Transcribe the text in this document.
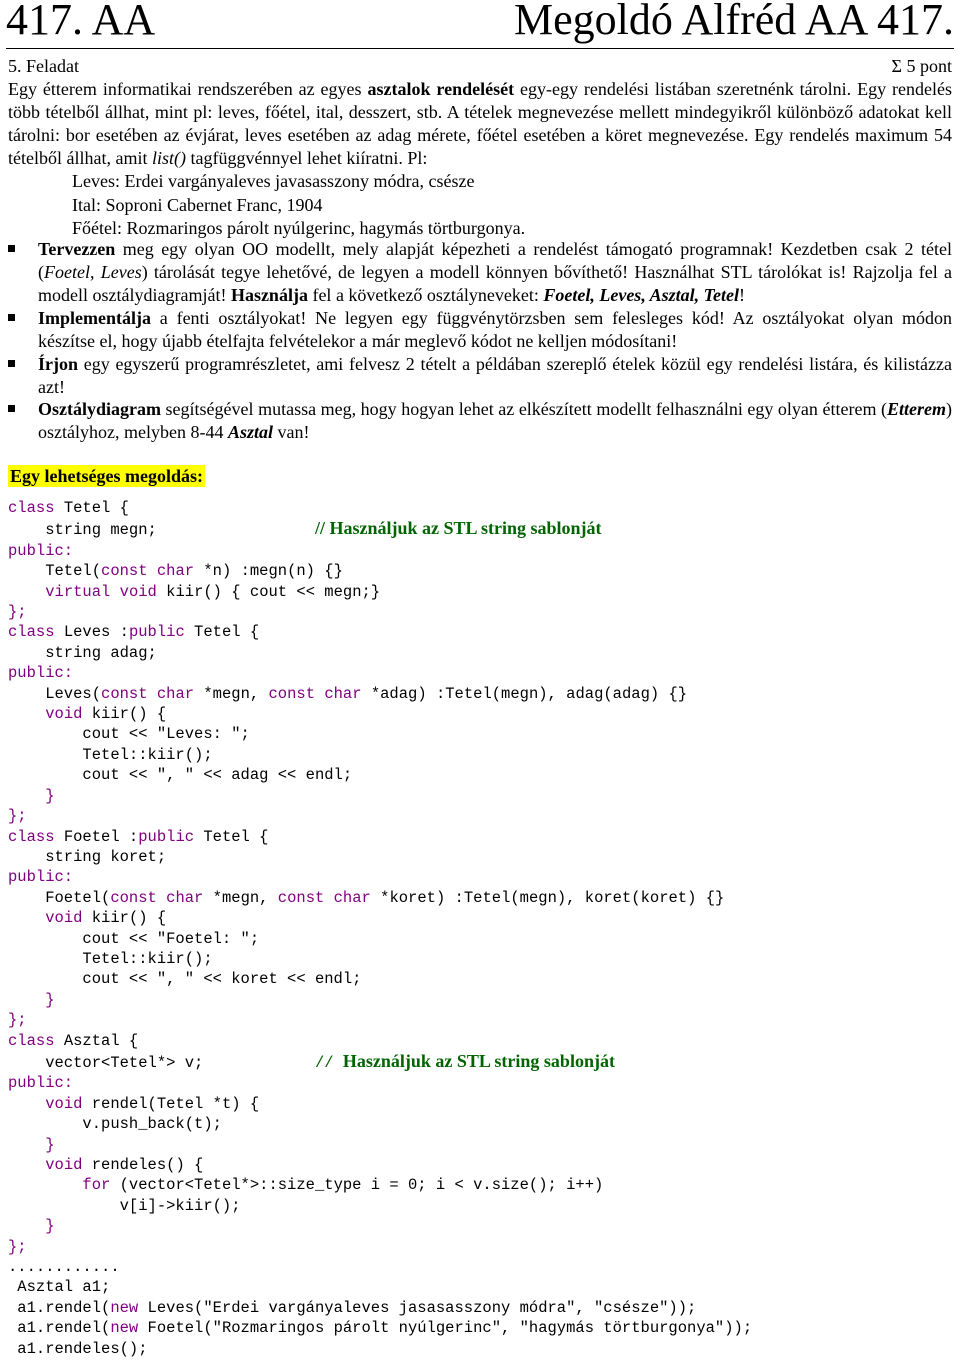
417. AA	Megoldó Alfréd AA 417.
5. Feladat	Σ 5 pont
Egy étterem informatikai rendszerében az egyes asztalok rendelését egy-egy rendelési listában szeretnénk tárolni. Egy rendelés több tételből állhat, mint pl: leves, főétel, ital, desszert, stb. A tételek megnevezése mellett mindegyikről különböző adatokat kell tárolni: bor esetében az évjárat, leves esetében az adag mérete, főétel esetében a köret megnevezése. Egy rendelés maximum 54 tételből állhat, amit list() tagfüggvénnyel lehet kiíratni. Pl:
Leves: Erdei vargányaleves javasasszony módra, csésze
Ital: Soproni Cabernet Franc, 1904
Főétel: Rozmaringos párolt nyúlgerinc, hagymás törtburgonya.
Tervezzen meg egy olyan OO modellt, mely alapját képezheti a rendelést támogató programnak! Kezdetben csak 2 tétel (Foetel, Leves) tárolását tegye lehetővé, de legyen a modell könnyen bővíthető! Használhat STL tárolókat is! Rajzolja fel a modell osztálydiagramját! Használja fel a következő osztályneveket: Foetel, Leves, Asztal, Tetel!
Implementálja a fenti osztályokat! Ne legyen egy függvénytörzsben sem felesleges kód! Az osztályokat olyan módon készítse el, hogy újabb ételfajta felvételekor a már meglevő kódot ne kelljen módosítani!
Írjon egy egyszerű programrészletet, ami felvesz 2 tételt a példában szereplő ételek közül egy rendelési listára, és kilistázza azt!
Osztálydiagram segítségével mutassa meg, hogy hogyan lehet az elkészített modellt felhasználni egy olyan étterem (Etterem) osztályhoz, melyben 8-44 Asztal van!
Egy lehetséges megoldás:
class Tetel {
string megn;	// Használjuk az STL string sablonját
public:
Tetel(const char *n) :megn(n) {}
virtual void kiir() { cout << megn;}
};
class Leves :public Tetel {
string adag;
public:
Leves(const char *megn, const char *adag) :Tetel(megn), adag(adag) {}
void kiir() {
cout << "Leves: ";
Tetel::kiir();
cout << ", " << adag << endl;
}
};
class Foetel :public Tetel {
string koret;
public:
Foetel(const char *megn, const char *koret) :Tetel(megn), koret(koret) {}
void kiir() {
cout << "Foetel: ";
Tetel::kiir();
cout << ", " << koret << endl;
}
};
class Asztal {
vector<Tetel*> v;	// Használjuk az STL string sablonját
public:
void rendel(Tetel *t) {
v.push_back(t);
}
void rendeles() {
for (vector<Tetel*>::size_type i = 0; i < v.size(); i++)
v[i]->kiir();
}
};
............
Asztal a1;
a1.rendel(new Leves("Erdei vargányaleves jasasasszony módra", "csésze"));
a1.rendel(new Foetel("Rozmaringos párolt nyúlgerinc", "hagymás törtburgonya"));
a1.rendeles();
